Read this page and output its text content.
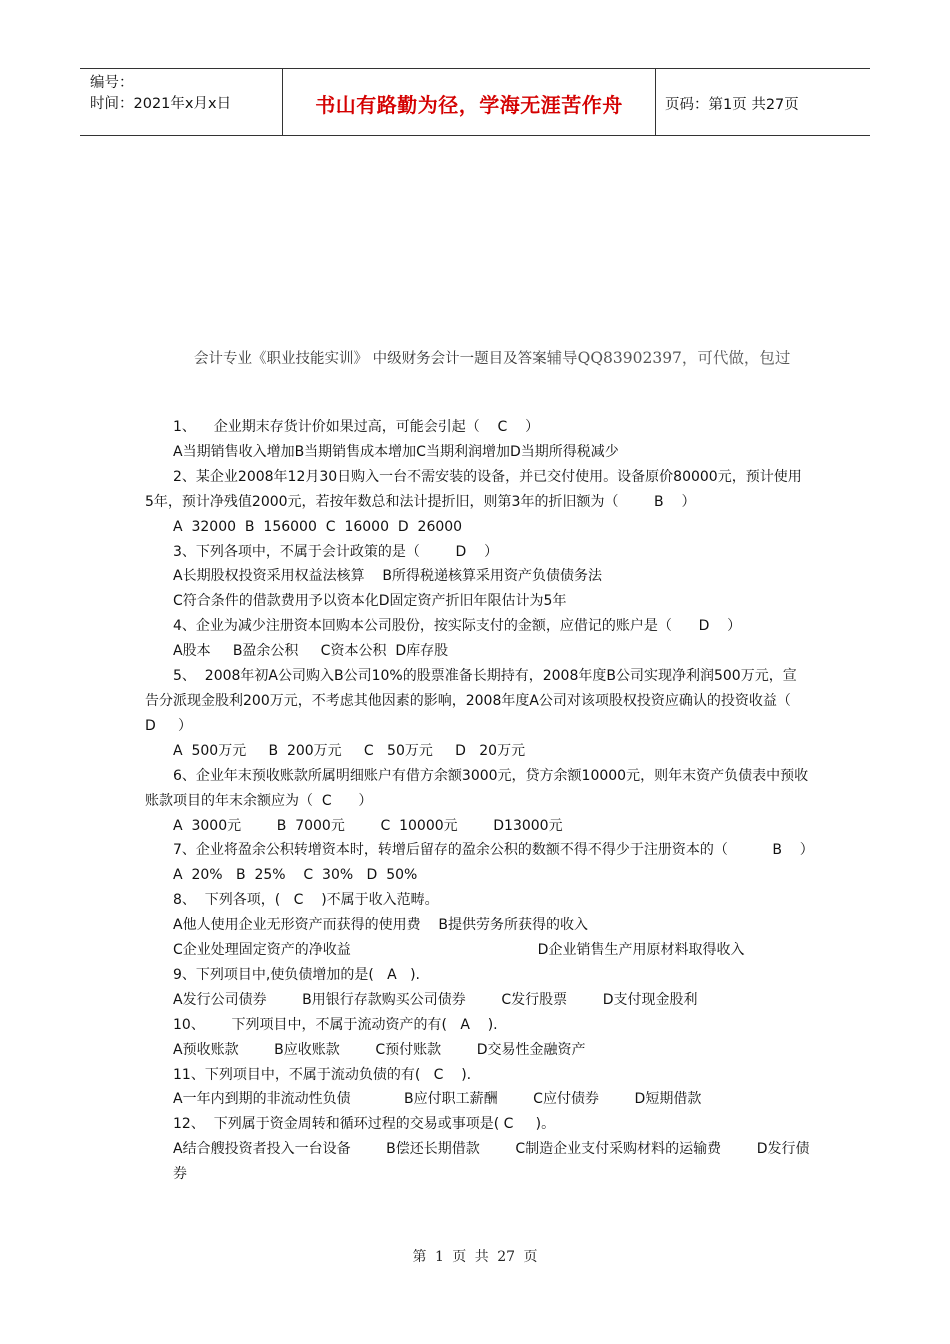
编号：
时间：2021年x月x日	书山有路勤为径，学海无涯苦作舟	页码：第1页 共27页
会计专业《职业技能实训》 中级财务会计一题目及答案辅导QQ83902397，可代做，包过
1、    企业期末存货计价如果过高，可能会引起（    C    ）
A当期销售收入增加B当期销售成本增加C当期利润增加D当期所得税减少
2、某企业2008年12月30日购入一台不需安装的设备，并已交付使用。设备原价80000元，预计使用5年，预计净残值2000元，若按年数总和法计提折旧，则第3年的折旧额为（        B    ）
A  32000  B  156000  C  16000  D  26000
3、下列各项中，不属于会计政策的是（        D    ）
A长期股权投资采用权益法核算    B所得税递核算采用资产负债债务法
C符合条件的借款费用予以资本化D固定资产折旧年限估计为5年
4、企业为减少注册资本回购本公司股份，按实际支付的金额，应借记的账户是（      D    ）
A股本     B盈余公积     C资本公积  D库存股
5、  2008年初A公司购入B公司10%的股票准备长期持有，2008年度B公司实现净利润500万元，宣告分派现金股利200万元，不考虑其他因素的影响，2008年度A公司对该项股权投资应确认的投资收益（      D     ）
A  500万元     B  200万元     C   50万元     D   20万元
6、企业年末预收账款所属明细账户有借方余额3000元，贷方余额10000元，则年末资产负债表中预收账款项目的年末余额应为（  C      ）
A  3000元        B  7000元        C  10000元        D13000元
7、企业将盈余公积转增资本时，转增后留存的盈余公积的数额不得不得少于注册资本的（          B    ）
A  20%   B  25%    C  30%   D  50%
8、  下列各项，(   C    )不属于收入范畴。
A他人使用企业无形资产而获得的使用费    B提供劳务所获得的收入
C企业处理固定资产的净收益                                          D企业销售生产用原材料取得收入
9、下列项目中,使负债增加的是(   A   ).
A发行公司债券        B用银行存款购买公司债券        C发行股票        D支付现金股利
10、      下列项目中，不属于流动资产的有(   A    ).
A预收账款        B应收账款        C预付账款        D交易性金融资产
11、下列项目中，不属于流动负债的有(   C    ).
A一年内到期的非流动性负债            B应付职工薪酬        C应付债券        D短期借款
12、  下列属于资金周转和循环过程的交易或事项是( C     )。
A结合艘投资者投入一台设备        B偿还长期借款        C制造企业支付采购材料的运输费        D发行债券
第 1 页 共 27 页
